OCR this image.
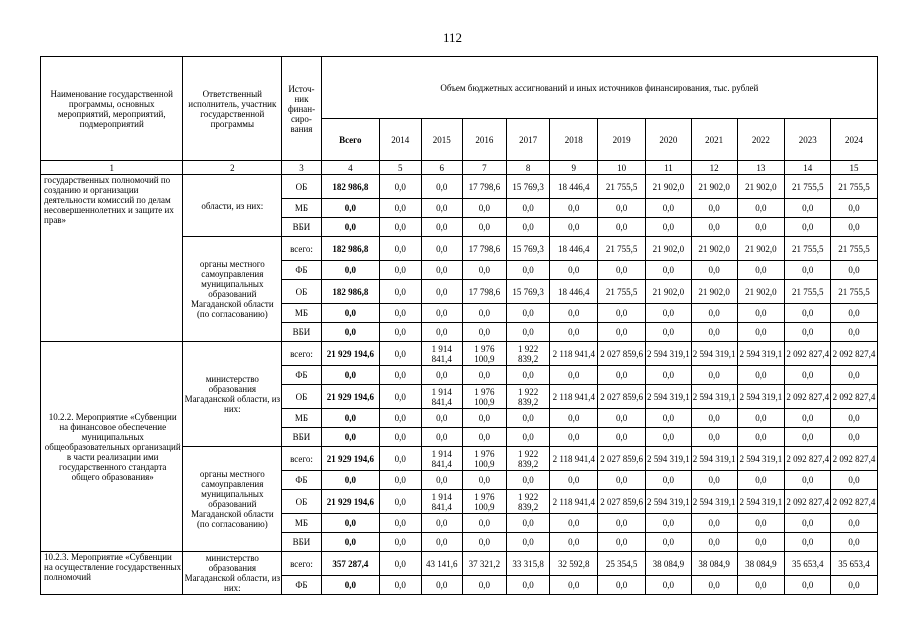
112
Наименование государственной программы, основных мероприятий, мероприятий, подмероприятий	Ответственный исполнитель, участник государственной программы	Источ-ник финан-сиро-вания	Объем бюджетных ассигнований и иных источников финансирования, тыс. рублей											
			Всего	2014	2015	2016	2017	2018	2019	2020	2021	2022	2023	2024
1	2	3	4	5	6	7	8	9	10	11	12	13	14	15
государственных полномочий по созданию и организации деятельности комиссий по делам несовершеннолетних и защите их прав»	области, из них:	ОБ	182 986,8	0,0	0,0	17 798,6	15 769,3	18 446,4	21 755,5	21 902,0	21 902,0	21 902,0	21 755,5	21 755,5
		МБ	0,0	0,0	0,0	0,0	0,0	0,0	0,0	0,0	0,0	0,0	0,0	0,0
		ВБИ	0,0	0,0	0,0	0,0	0,0	0,0	0,0	0,0	0,0	0,0	0,0	0,0
	органы местного самоуправления муниципальных образований Магаданской области (по согласованию)	всего:	182 986,8	0,0	0,0	17 798,6	15 769,3	18 446,4	21 755,5	21 902,0	21 902,0	21 902,0	21 755,5	21 755,5
		ФБ	0,0	0,0	0,0	0,0	0,0	0,0	0,0	0,0	0,0	0,0	0,0	0,0
		ОБ	182 986,8	0,0	0,0	17 798,6	15 769,3	18 446,4	21 755,5	21 902,0	21 902,0	21 902,0	21 755,5	21 755,5
		МБ	0,0	0,0	0,0	0,0	0,0	0,0	0,0	0,0	0,0	0,0	0,0	0,0
		ВБИ	0,0	0,0	0,0	0,0	0,0	0,0	0,0	0,0	0,0	0,0	0,0	0,0
10.2.2. Мероприятие «Субвенции на финансовое обеспечение муниципальных общеобразовательных организаций в части реализации ими государственного стандарта общего образования»	министерство образования Магаданской области, из них:	всего:	21 929 194,6	0,0	1 914 841,4	1 976 100,9	1 922 839,2	2 118 941,4	2 027 859,6	2 594 319,1	2 594 319,1	2 594 319,1	2 092 827,4	2 092 827,4
		ФБ	0,0	0,0	0,0	0,0	0,0	0,0	0,0	0,0	0,0	0,0	0,0	0,0
		ОБ	21 929 194,6	0,0	1 914 841,4	1 976 100,9	1 922 839,2	2 118 941,4	2 027 859,6	2 594 319,1	2 594 319,1	2 594 319,1	2 092 827,4	2 092 827,4
		МБ	0,0	0,0	0,0	0,0	0,0	0,0	0,0	0,0	0,0	0,0	0,0	0,0
		ВБИ	0,0	0,0	0,0	0,0	0,0	0,0	0,0	0,0	0,0	0,0	0,0	0,0
	органы местного самоуправления муниципальных образований Магаданской области (по согласованию)	всего:	21 929 194,6	0,0	1 914 841,4	1 976 100,9	1 922 839,2	2 118 941,4	2 027 859,6	2 594 319,1	2 594 319,1	2 594 319,1	2 092 827,4	2 092 827,4
		ФБ	0,0	0,0	0,0	0,0	0,0	0,0	0,0	0,0	0,0	0,0	0,0	0,0
		ОБ	21 929 194,6	0,0	1 914 841,4	1 976 100,9	1 922 839,2	2 118 941,4	2 027 859,6	2 594 319,1	2 594 319,1	2 594 319,1	2 092 827,4	2 092 827,4
		МБ	0,0	0,0	0,0	0,0	0,0	0,0	0,0	0,0	0,0	0,0	0,0	0,0
		ВБИ	0,0	0,0	0,0	0,0	0,0	0,0	0,0	0,0	0,0	0,0	0,0	0,0
10.2.3. Мероприятие «Субвенции на осуществление государственных полномочий	министерство образования Магаданской области, из них:	всего:	357 287,4	0,0	43 141,6	37 321,2	33 315,8	32 592,8	25 354,5	38 084,9	38 084,9	38 084,9	35 653,4	35 653,4
		ФБ	0,0	0,0	0,0	0,0	0,0	0,0	0,0	0,0	0,0	0,0	0,0	0,0
